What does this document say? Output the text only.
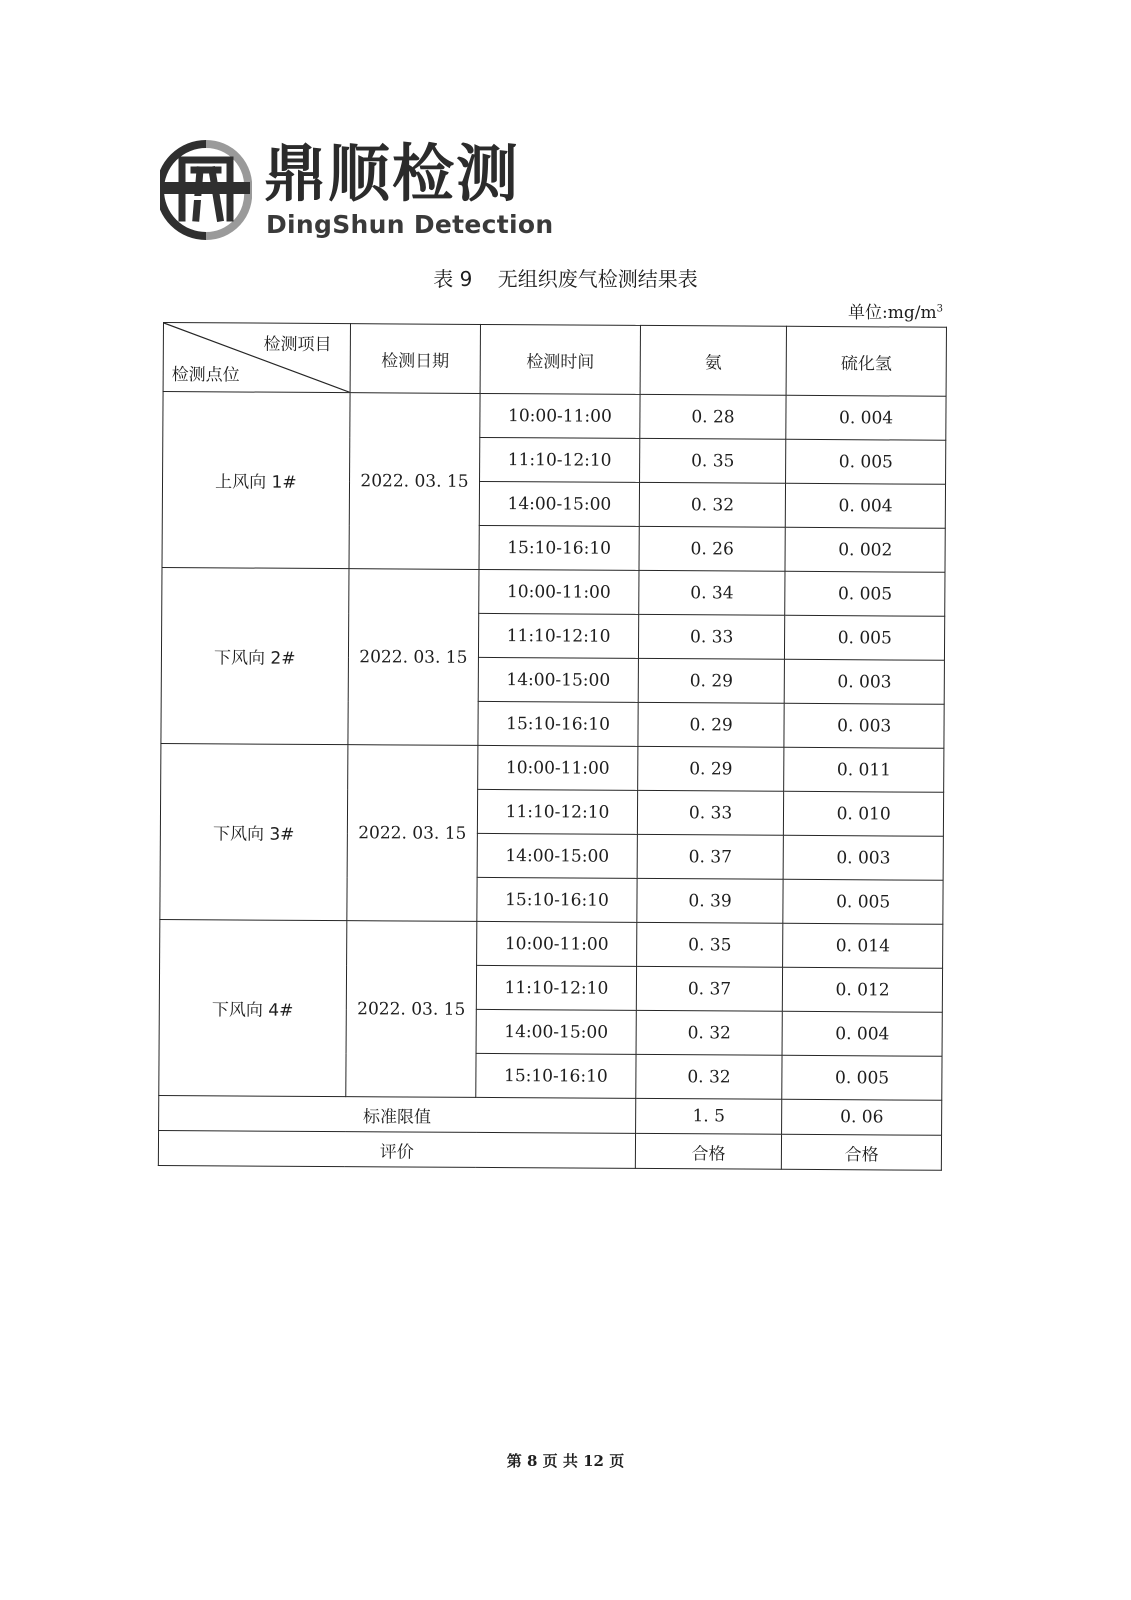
鼎顺检测
DingShun Detection
表 9    无组织废气检测结果表
单位$:mg/m^3$
检测项目
检测点位	检测日期	检测时间	氨	硫化氢
上风向 1#	2022. 03. 15	10:00-11:00	0. 28	0. 004
		11:10-12:10	0. 35	0. 005
		14:00-15:00	0. 32	0. 004
		15:10-16:10	0. 26	0. 002
下风向 2#	2022. 03. 15	10:00-11:00	0. 34	0. 005
		11:10-12:10	0. 33	0. 005
		14:00-15:00	0. 29	0. 003
		15:10-16:10	0. 29	0. 003
下风向 3#	2022. 03. 15	10:00-11:00	0. 29	0. 011
		11:10-12:10	0. 33	0. 010
		14:00-15:00	0. 37	0. 003
		15:10-16:10	0. 39	0. 005
下风向 4#	2022. 03. 15	10:00-11:00	0. 35	0. 014
		11:10-12:10	0. 37	0. 012
		14:00-15:00	0. 32	0. 004
		15:10-16:10	0. 32	0. 005
标准限值			1. 5	0. 06
评价			合格	合格
第 8 页 共 12 页
